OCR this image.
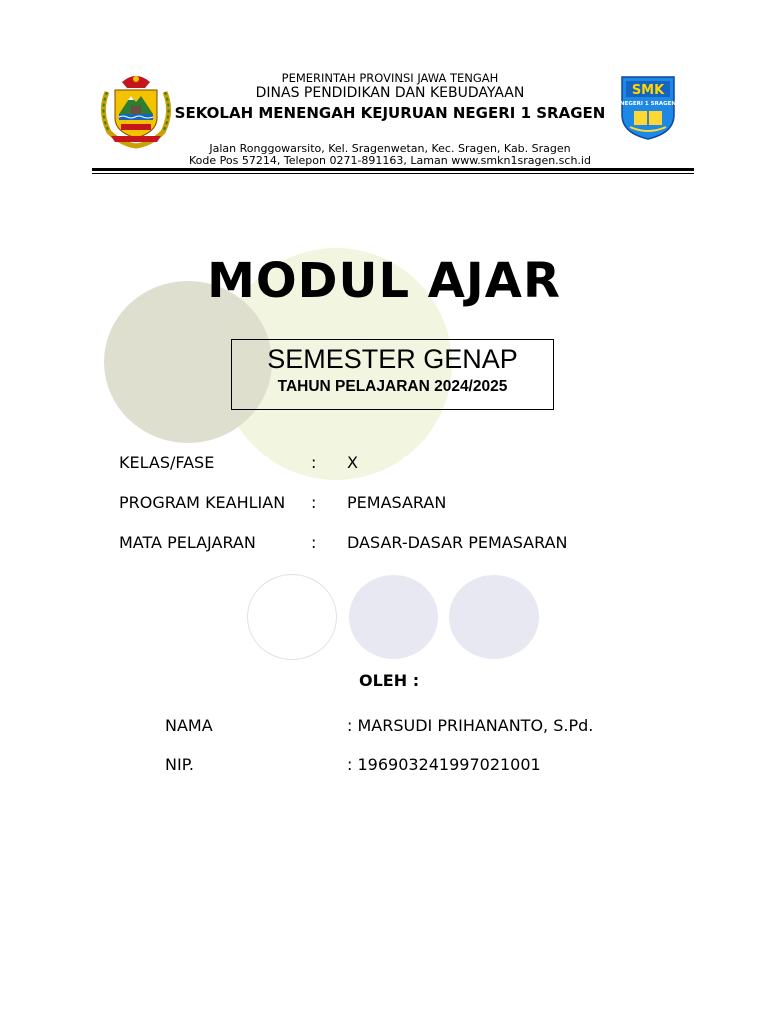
SMK
NEGERI 1 SRAGEN
PEMERINTAH PROVINSI JAWA TENGAH
DINAS PENDIDIKAN DAN KEBUDAYAAN
SEKOLAH MENENGAH KEJURUAN NEGERI 1 SRAGEN
Jalan Ronggowarsito, Kel. Sragenwetan, Kec. Sragen, Kab. Sragen
Kode Pos 57214, Telepon 0271-891163, Laman www.smkn1sragen.sch.id
MODUL AJAR
SEMESTER GENAP
TAHUN PELAJARAN 2024/2025
KELAS/FASE	: X
PROGRAM KEAHLIAN : PEMASARAN
MATA PELAJARAN	: DASAR-DASAR PEMASARAN
OLEH :
NAMA	: MARSUDI PRIHANANTO, S.Pd.
NIP.	: 196903241997021001
